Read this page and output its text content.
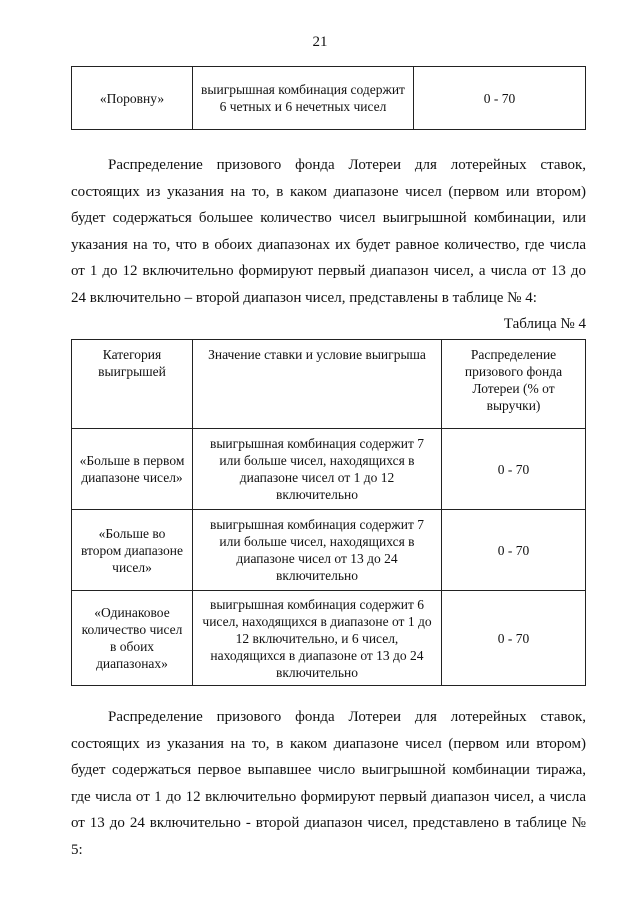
21
«Поровну»	выигрышная комбинация содержит 6 четных и 6 нечетных чисел	0 - 70

Распределение призового фонда Лотереи для лотерейных ставок, состоящих из указания на то, в каком диапазоне чисел (первом или втором) будет содержаться большее количество чисел выигрышной комбинации, или указания на то, что в обоих диапазонах их будет равное количество, где числа от 1 до 12 включительно формируют первый диапазон чисел, а числа от 13 до 24 включительно – второй диапазон чисел, представлены в таблице № 4:

Таблица № 4
Категория выигрышей	Значение ставки и условие выигрыша	Распределение призового фонда Лотереи (% от выручки)
«Больше в первом диапазоне чисел»	выигрышная комбинация содержит 7 или больше чисел, находящихся в диапазоне чисел от 1 до 12 включительно	0 - 70
«Больше во втором диапазоне чисел»	выигрышная комбинация содержит 7 или больше чисел, находящихся в диапазоне чисел от 13 до 24 включительно	0 - 70
«Одинаковое количество чисел в обоих диапазонах»	выигрышная комбинация содержит 6 чисел, находящихся в диапазоне от 1 до 12 включительно, и 6 чисел, находящихся в диапазоне от 13 до 24 включительно	0 - 70

Распределение призового фонда Лотереи для лотерейных ставок, состоящих из указания на то, в каком диапазоне чисел (первом или втором) будет содержаться первое выпавшее число выигрышной комбинации тиража, где числа от 1 до 12 включительно формируют первый диапазон чисел, а числа от 13 до 24 включительно - второй диапазон чисел, представлено в таблице № 5:
